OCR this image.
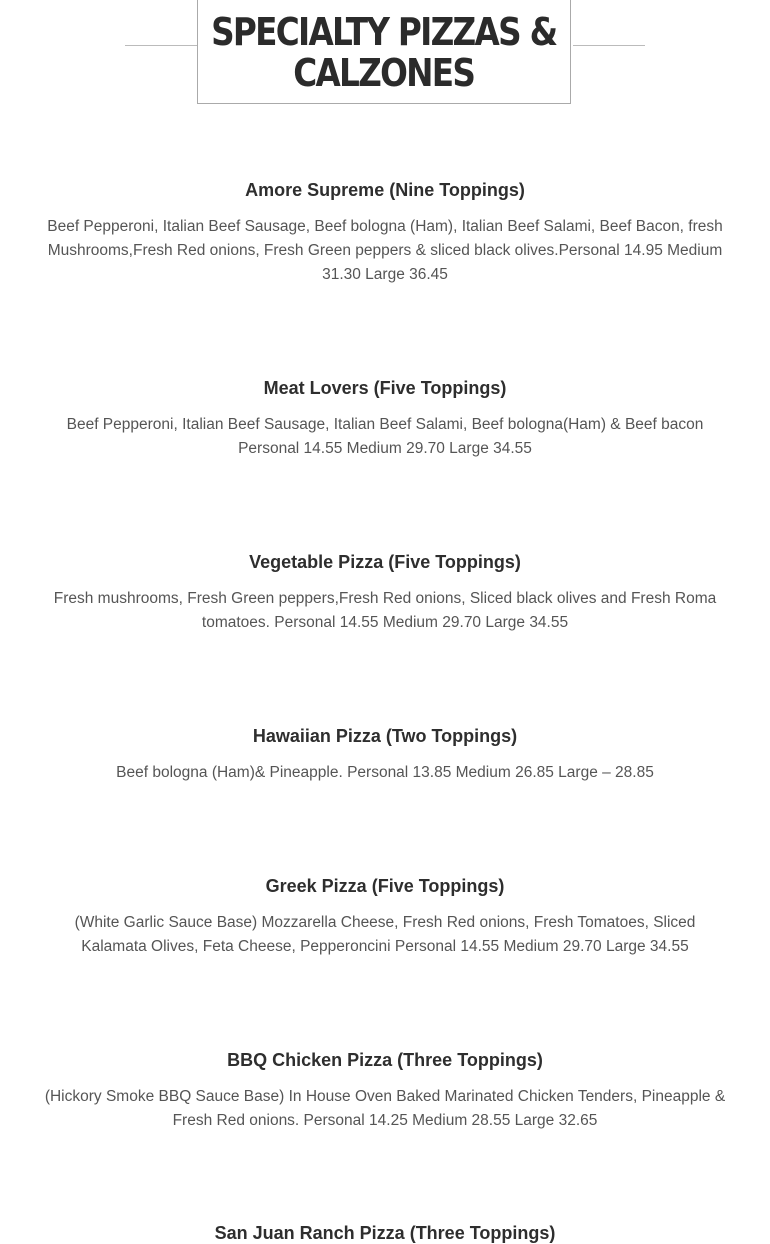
SPECIALTY PIZZAS &
CALZONES

Amore Supreme (Nine Toppings)

Beef Pepperoni, Italian Beef Sausage, Beef bologna (Ham), Italian Beef Salami, Beef Bacon, fresh Mushrooms,Fresh Red onions, Fresh Green peppers & sliced black olives.Personal 14.95 Medium 31.30 Large 36.45

Meat Lovers (Five Toppings)

Beef Pepperoni, Italian Beef Sausage, Italian Beef Salami, Beef bologna(Ham) & Beef bacon Personal 14.55 Medium 29.70 Large 34.55

Vegetable Pizza (Five Toppings)

Fresh mushrooms, Fresh Green peppers,Fresh Red onions, Sliced black olives and Fresh Roma tomatoes. Personal 14.55 Medium 29.70 Large 34.55

Hawaiian Pizza (Two Toppings)

Beef bologna (Ham)& Pineapple. Personal 13.85 Medium 26.85 Large – 28.85

Greek Pizza (Five Toppings)

(White Garlic Sauce Base) Mozzarella Cheese, Fresh Red onions, Fresh Tomatoes, Sliced Kalamata Olives, Feta Cheese, Pepperoncini Personal 14.55 Medium 29.70 Large 34.55

BBQ Chicken Pizza (Three Toppings)

(Hickory Smoke BBQ Sauce Base) In House Oven Baked Marinated Chicken Tenders, Pineapple & Fresh Red onions. Personal 14.25 Medium 28.55 Large 32.65

San Juan Ranch Pizza (Three Toppings)
